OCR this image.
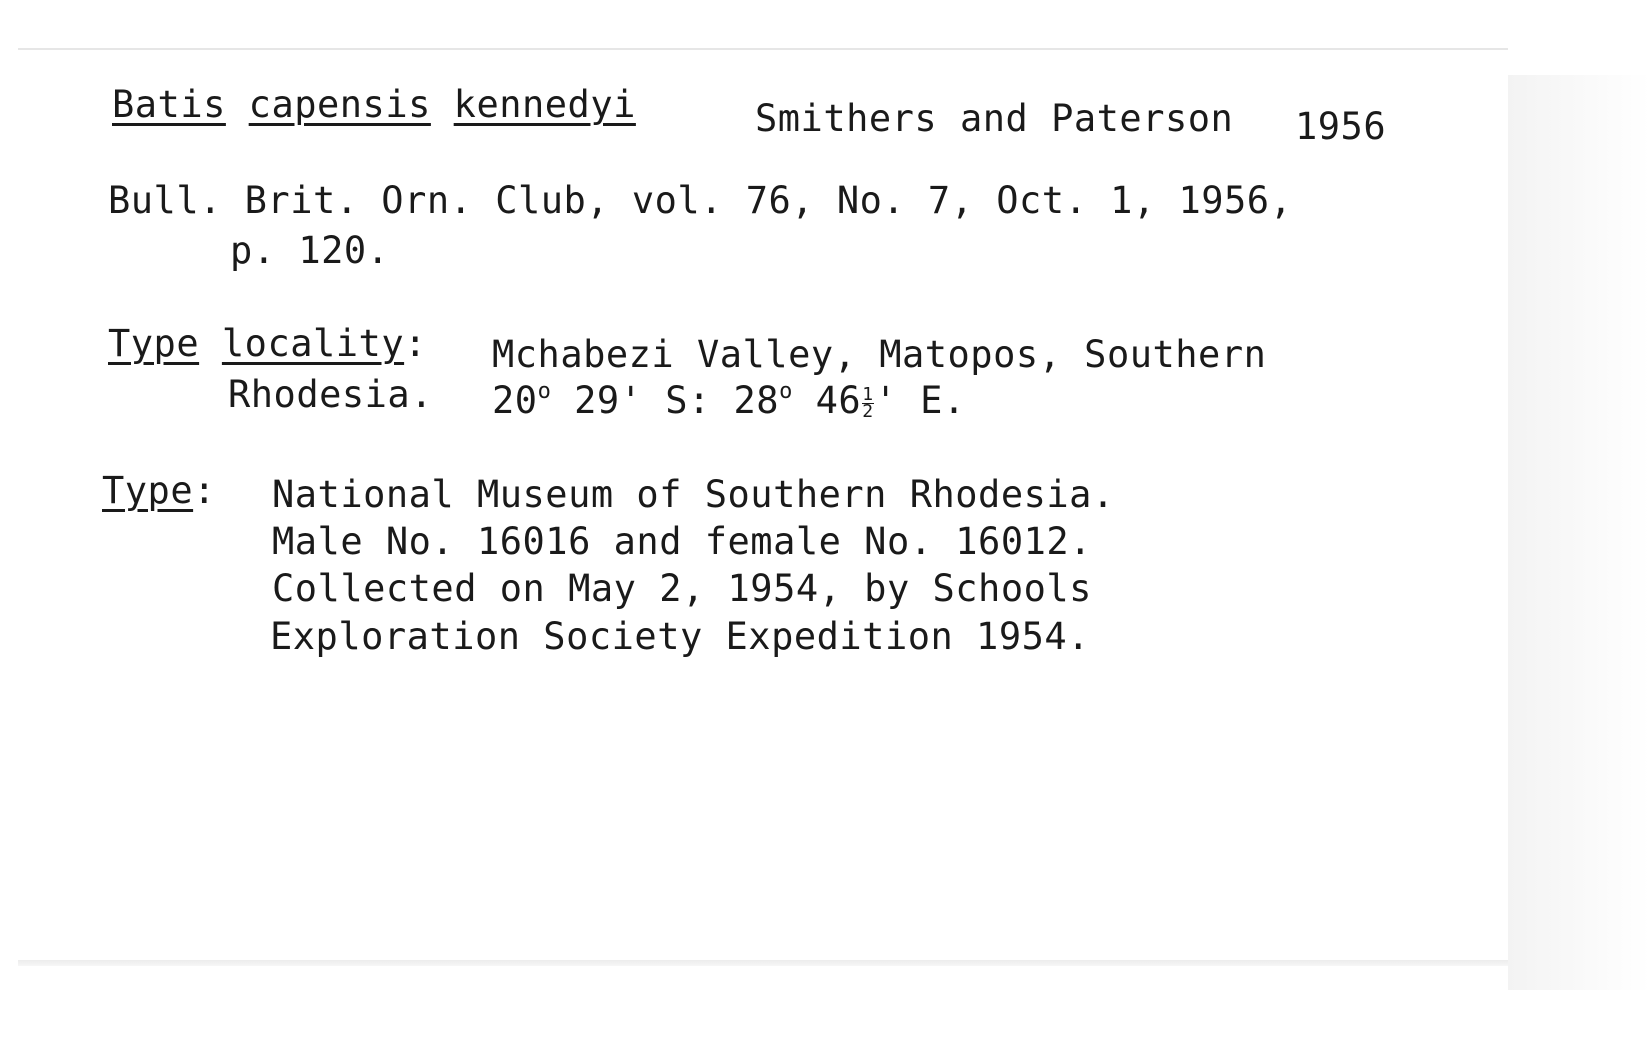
Batis capensis kennedyi	Smithers and Paterson 1956
Bull. Brit. Orn. Club, vol. 76, No. 7, Oct. 1, 1956,
p. 120.
Type locality: Mchabezi Valley, Matopos, Southern
Rhodesia. 20$^o$ 29' S: 28$^o$ $46 \frac{1}{2}$ ' E.
Type: National Museum of Southern Rhodesia.
Male No. 16016 and female No. 16012.
Collected on May 2, 1954, by Schools
Exploration Society Expedition 1954.
